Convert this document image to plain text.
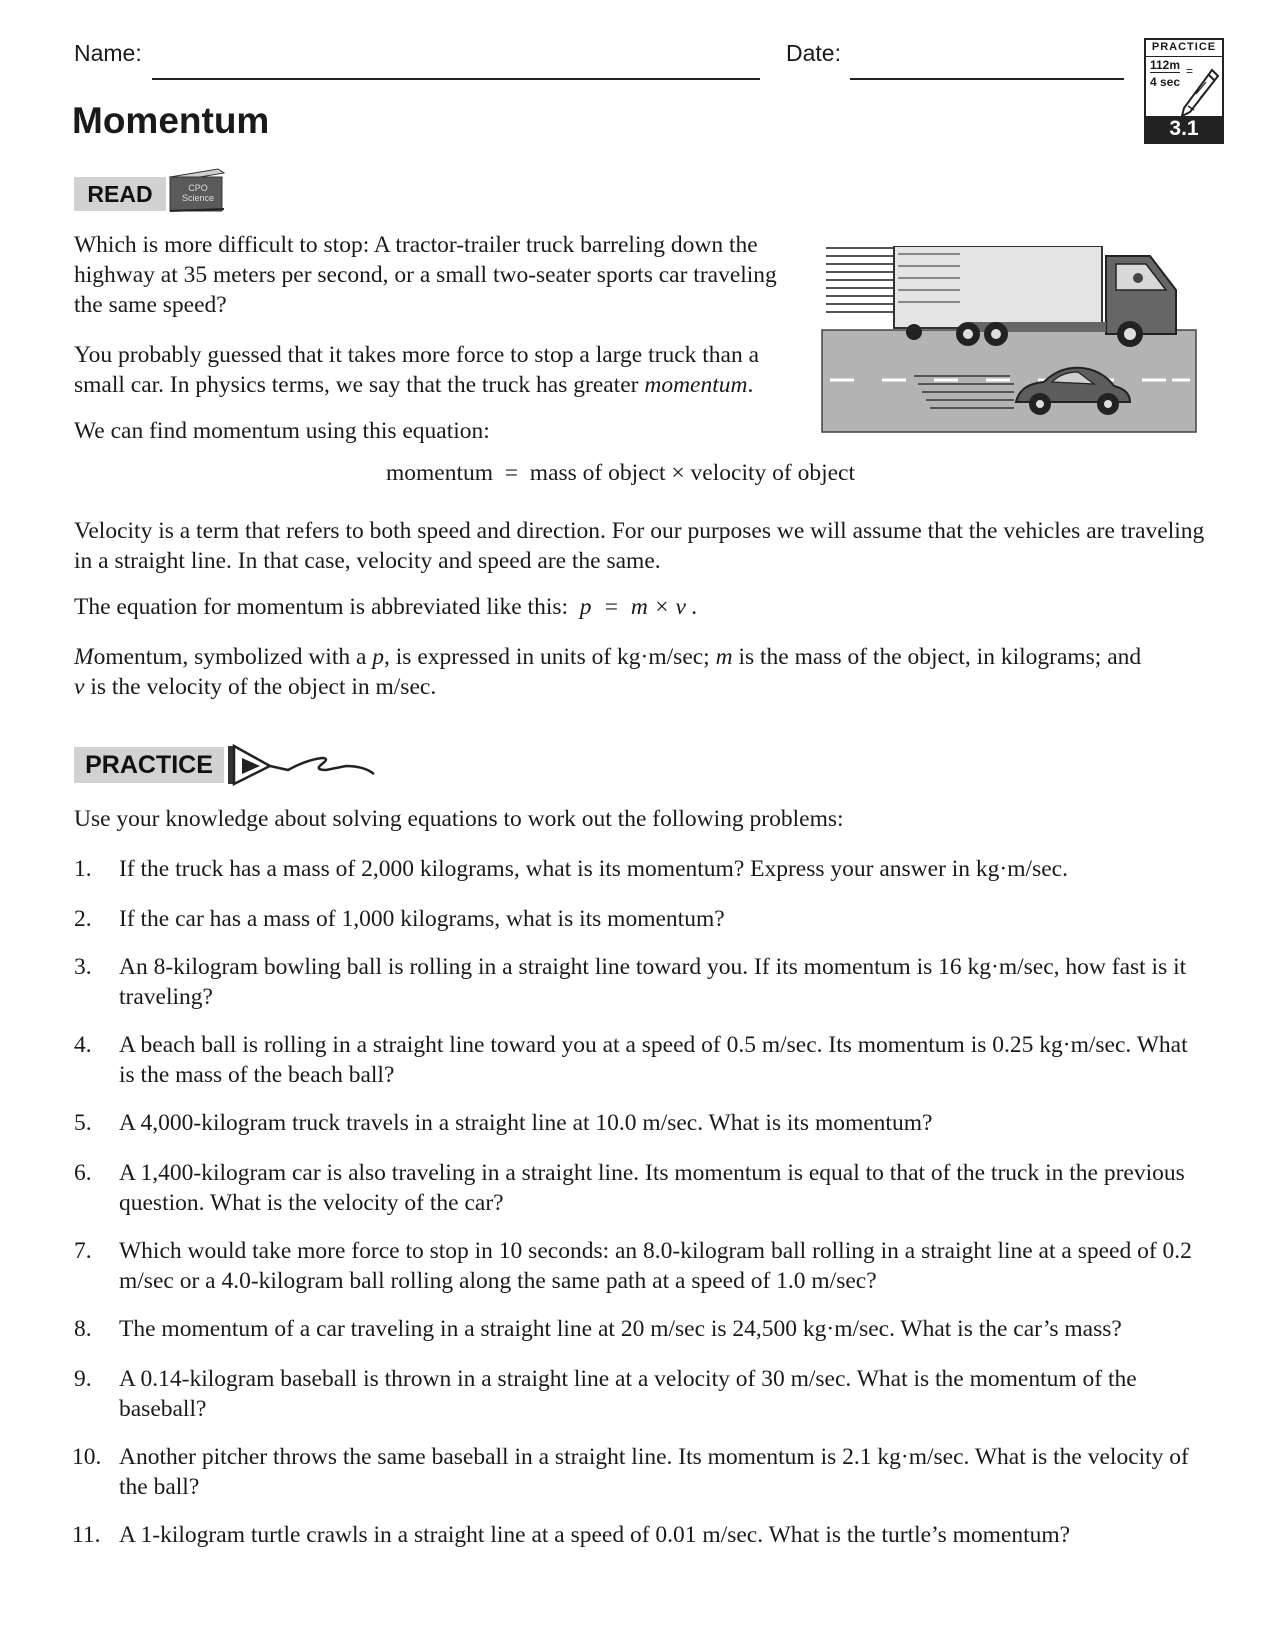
Name:	Date:	PRACTICE
112m =
4 sec
3.1
Momentum
READ	CPO
Science
Which is more difficult to stop: A tractor-trailer truck barreling down the highway at 35 meters per second, or a small two-seater sports car traveling the same speed?
You probably guessed that it takes more force to stop a large truck than a small car. In physics terms, we say that the truck has greater momentum.
We can find momentum using this equation:
momentum  =  mass of object × velocity of object
Velocity is a term that refers to both speed and direction. For our purposes we will assume that the vehicles are traveling in a straight line. In that case, velocity and speed are the same.
The equation for momentum is abbreviated like this:  p  =  m × v .
Momentum, symbolized with a p, is expressed in units of kg·m/sec; m is the mass of the object, in kilograms; and
v is the velocity of the object in m/sec.
PRACTICE
Use your knowledge about solving equations to work out the following problems:
1. If the truck has a mass of 2,000 kilograms, what is its momentum? Express your answer in kg·m/sec.
2. If the car has a mass of 1,000 kilograms, what is its momentum?
3. An 8-kilogram bowling ball is rolling in a straight line toward you. If its momentum is 16 kg·m/sec, how fast is it traveling?
4. A beach ball is rolling in a straight line toward you at a speed of 0.5 m/sec. Its momentum is 0.25 kg·m/sec. What is the mass of the beach ball?
5. A 4,000-kilogram truck travels in a straight line at 10.0 m/sec. What is its momentum?
6. A 1,400-kilogram car is also traveling in a straight line. Its momentum is equal to that of the truck in the previous question. What is the velocity of the car?
7. Which would take more force to stop in 10 seconds: an 8.0-kilogram ball rolling in a straight line at a speed of 0.2 m/sec or a 4.0-kilogram ball rolling along the same path at a speed of 1.0 m/sec?
8. The momentum of a car traveling in a straight line at 20 m/sec is 24,500 kg·m/sec. What is the car’s mass?
9. A 0.14-kilogram baseball is thrown in a straight line at a velocity of 30 m/sec. What is the momentum of the baseball?
10. Another pitcher throws the same baseball in a straight line. Its momentum is 2.1 kg·m/sec. What is the velocity of the ball?
11. A 1-kilogram turtle crawls in a straight line at a speed of 0.01 m/sec. What is the turtle’s momentum?
